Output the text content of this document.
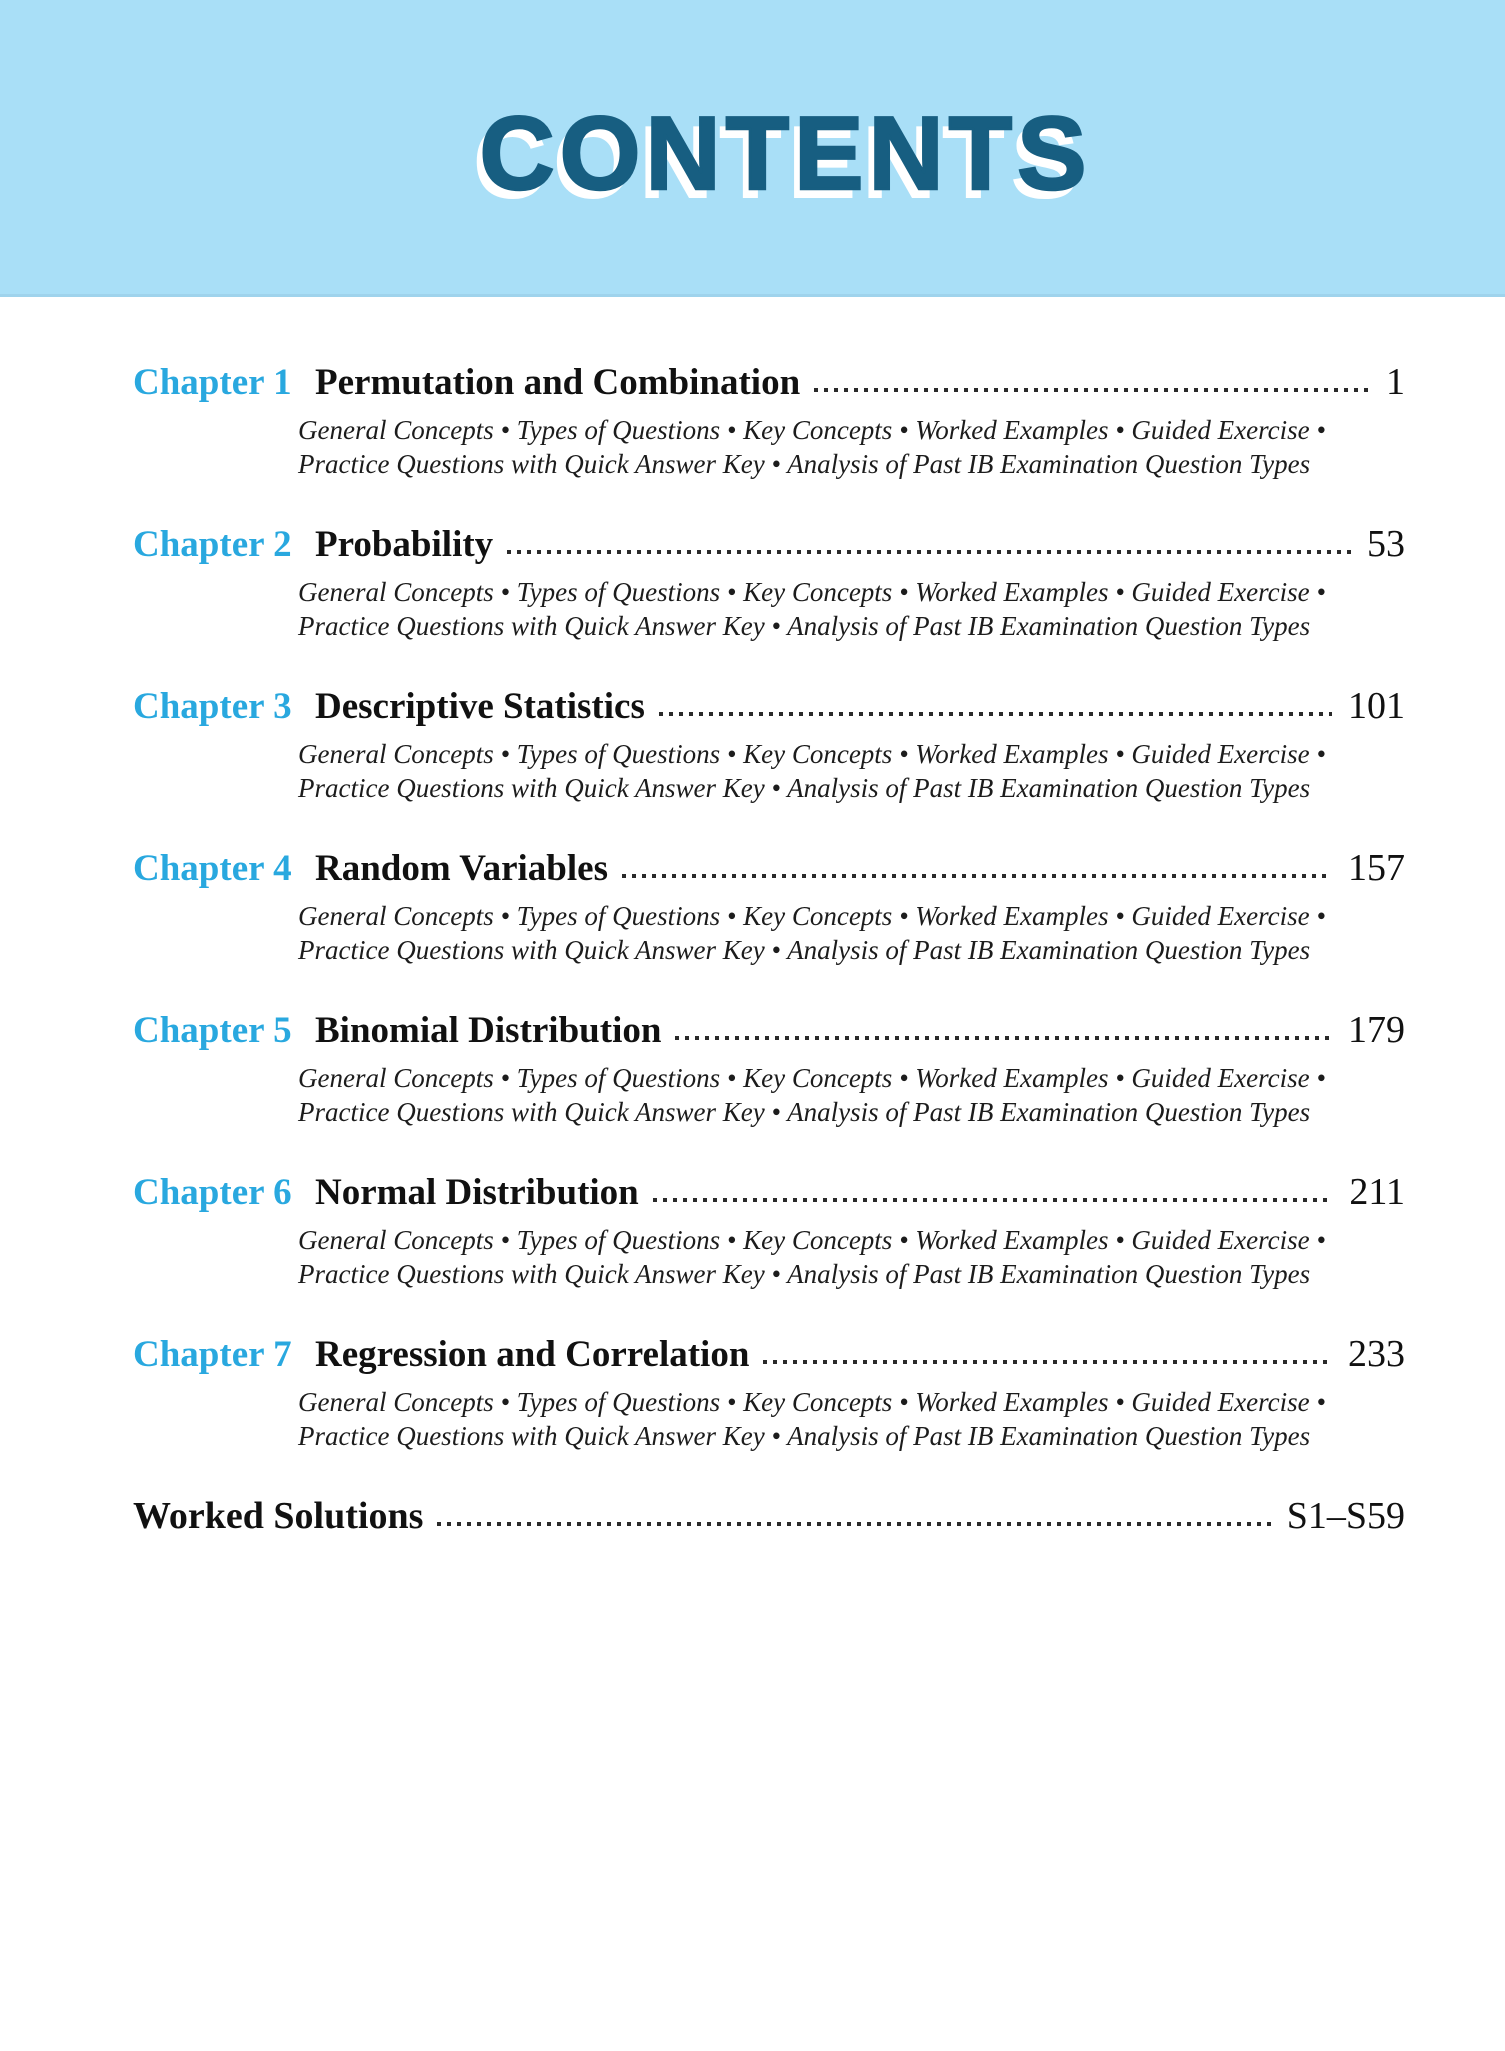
CONTENTS
Chapter 1 Permutation and Combination	1
General Concepts • Types of Questions • Key Concepts • Worked Examples • Guided Exercise •
Practice Questions with Quick Answer Key • Analysis of Past IB Examination Question Types
Chapter 2 Probability	53
General Concepts • Types of Questions • Key Concepts • Worked Examples • Guided Exercise •
Practice Questions with Quick Answer Key • Analysis of Past IB Examination Question Types
Chapter 3 Descriptive Statistics	101
General Concepts • Types of Questions • Key Concepts • Worked Examples • Guided Exercise •
Practice Questions with Quick Answer Key • Analysis of Past IB Examination Question Types
Chapter 4 Random Variables	157
General Concepts • Types of Questions • Key Concepts • Worked Examples • Guided Exercise •
Practice Questions with Quick Answer Key • Analysis of Past IB Examination Question Types
Chapter 5 Binomial Distribution	179
General Concepts • Types of Questions • Key Concepts • Worked Examples • Guided Exercise •
Practice Questions with Quick Answer Key • Analysis of Past IB Examination Question Types
Chapter 6 Normal Distribution	211
General Concepts • Types of Questions • Key Concepts • Worked Examples • Guided Exercise •
Practice Questions with Quick Answer Key • Analysis of Past IB Examination Question Types
Chapter 7 Regression and Correlation	233
General Concepts • Types of Questions • Key Concepts • Worked Examples • Guided Exercise •
Practice Questions with Quick Answer Key • Analysis of Past IB Examination Question Types
Worked Solutions	S1–S59
